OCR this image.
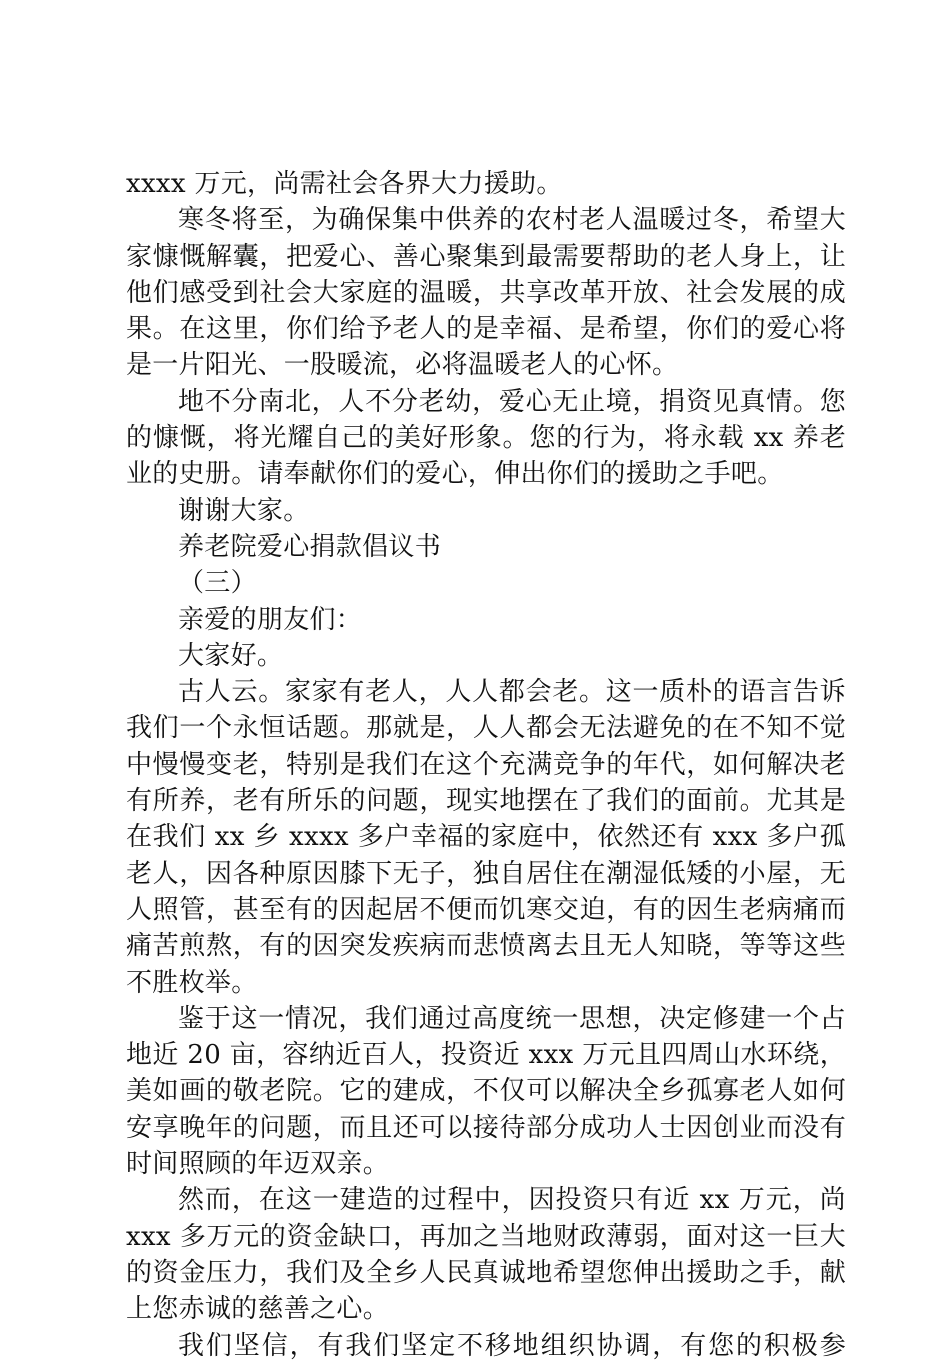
xxxx 万元，尚需社会各界大力援助。
寒冬将至，为确保集中供养的农村老人温暖过冬，希望大
家慷慨解囊，把爱心、善心聚集到最需要帮助的老人身上，让
他们感受到社会大家庭的温暖，共享改革开放、社会发展的成
果。在这里，你们给予老人的是幸福、是希望，你们的爱心将
是一片阳光、一股暖流，必将温暖老人的心怀。
地不分南北，人不分老幼，爱心无止境，捐资见真情。您
的慷慨，将光耀自己的美好形象。您的行为，将永载 xx 养老
业的史册。请奉献你们的爱心，伸出你们的援助之手吧。
谢谢大家。
养老院爱心捐款倡议书
（三）
亲爱的朋友们：
大家好。
古人云。家家有老人，人人都会老。这一质朴的语言告诉
我们一个永恒话题。那就是，人人都会无法避免的在不知不觉
中慢慢变老，特别是我们在这个充满竞争的年代，如何解决老
有所养，老有所乐的问题，现实地摆在了我们的面前。尤其是
在我们 xx 乡 xxxx 多户幸福的家庭中，依然还有 xxx 多户孤
老人，因各种原因膝下无子，独自居住在潮湿低矮的小屋，无
人照管，甚至有的因起居不便而饥寒交迫，有的因生老病痛而
痛苦煎熬，有的因突发疾病而悲愤离去且无人知晓，等等这些
不胜枚举。
鉴于这一情况，我们通过高度统一思想，决定修建一个占
地近 20 亩，容纳近百人，投资近 xxx 万元且四周山水环绕，
美如画的敬老院。它的建成，不仅可以解决全乡孤寡老人如何
安享晚年的问题，而且还可以接待部分成功人士因创业而没有
时间照顾的年迈双亲。
然而，在这一建造的过程中，因投资只有近 xx 万元，尚
xxx 多万元的资金缺口，再加之当地财政薄弱，面对这一巨大
的资金压力，我们及全乡人民真诚地希望您伸出援助之手，献
上您赤诚的慈善之心。
我们坚信，有我们坚定不移地组织协调，有您的积极参
